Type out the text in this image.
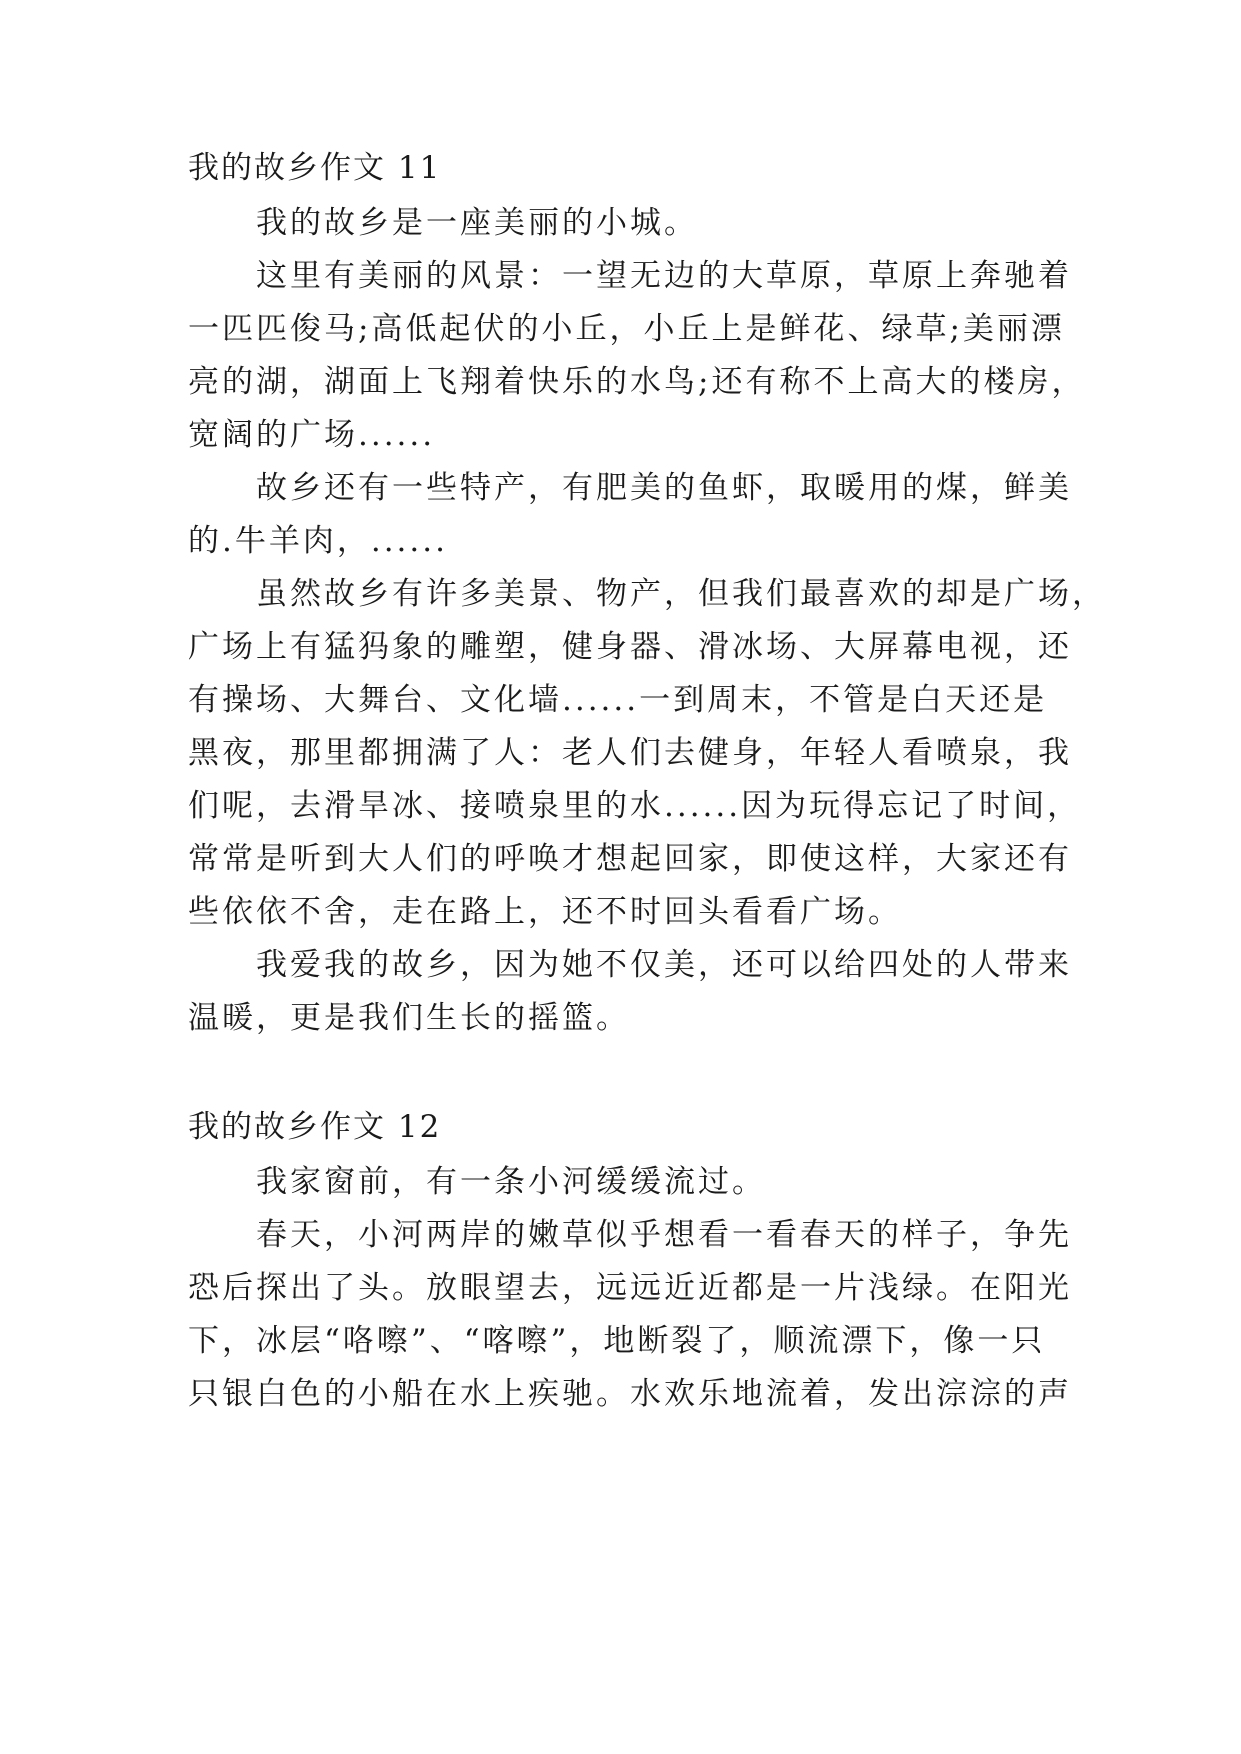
我的故乡作文 11
我的故乡是一座美丽的小城。
这里有美丽的风景：一望无边的大草原，草原上奔驰着
一匹匹俊马;高低起伏的小丘，小丘上是鲜花、绿草;美丽漂
亮的湖，湖面上飞翔着快乐的水鸟;还有称不上高大的楼房，
宽阔的广场......
故乡还有一些特产，有肥美的鱼虾，取暖用的煤，鲜美
的.牛羊肉，......
虽然故乡有许多美景、物产，但我们最喜欢的却是广场，
广场上有猛犸象的雕塑，健身器、滑冰场、大屏幕电视，还
有操场、大舞台、文化墙......一到周末，不管是白天还是
黑夜，那里都拥满了人：老人们去健身，年轻人看喷泉，我
们呢，去滑旱冰、接喷泉里的水......因为玩得忘记了时间，
常常是听到大人们的呼唤才想起回家，即使这样，大家还有
些依依不舍，走在路上，还不时回头看看广场。
我爱我的故乡，因为她不仅美，还可以给四处的人带来
温暖，更是我们生长的摇篮。
我的故乡作文 12
我家窗前，有一条小河缓缓流过。
春天，小河两岸的嫩草似乎想看一看春天的样子，争先
恐后探出了头。放眼望去，远远近近都是一片浅绿。在阳光
下，冰层“咯嚓”、“喀嚓”，地断裂了，顺流漂下，像一只
只银白色的小船在水上疾驰。水欢乐地流着，发出淙淙的声
